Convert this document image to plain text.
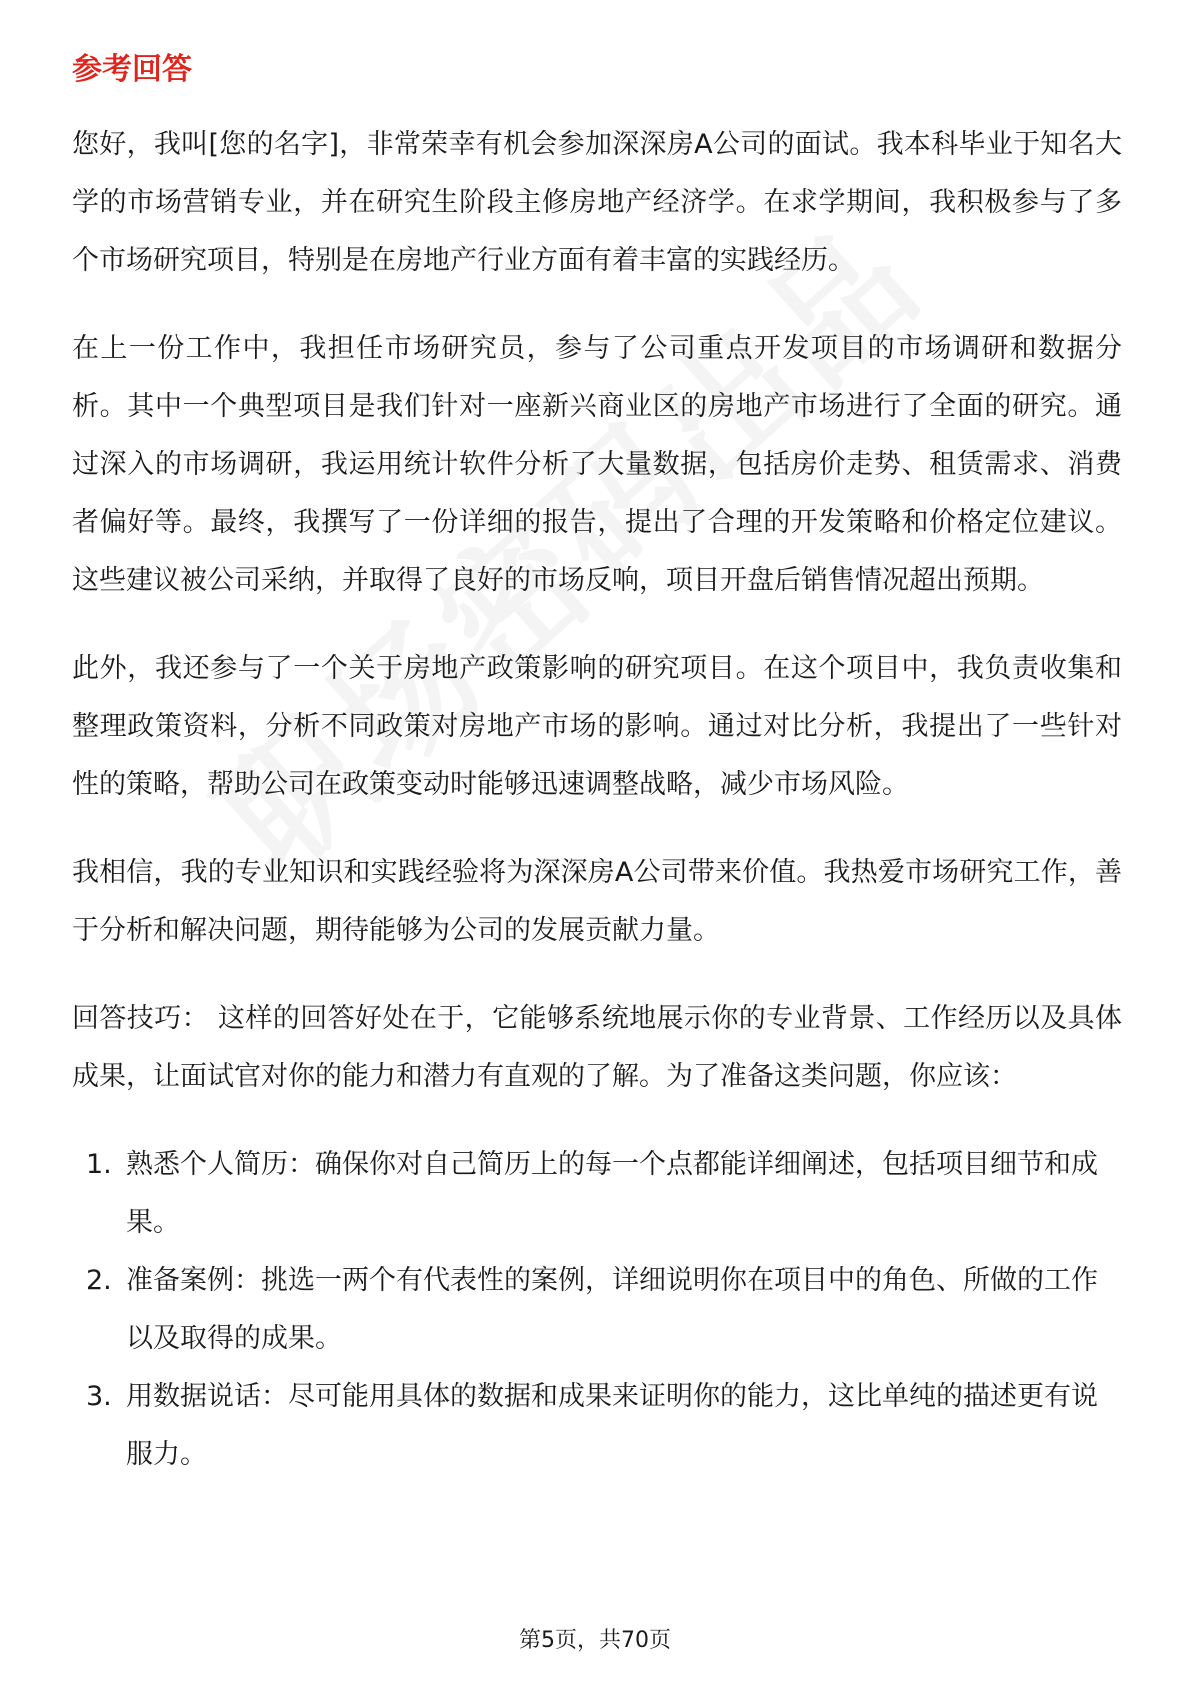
参考回答

您好，我叫[您的名字]，非常荣幸有机会参加深深房A公司的面试。我本科毕业于知名大学的市场营销专业，并在研究生阶段主修房地产经济学。在求学期间，我积极参与了多个市场研究项目，特别是在房地产行业方面有着丰富的实践经历。

在上一份工作中，我担任市场研究员，参与了公司重点开发项目的市场调研和数据分析。其中一个典型项目是我们针对一座新兴商业区的房地产市场进行了全面的研究。通过深入的市场调研，我运用统计软件分析了大量数据，包括房价走势、租赁需求、消费者偏好等。最终，我撰写了一份详细的报告，提出了合理的开发策略和价格定位建议。这些建议被公司采纳，并取得了良好的市场反响，项目开盘后销售情况超出预期。

此外，我还参与了一个关于房地产政策影响的研究项目。在这个项目中，我负责收集和整理政策资料，分析不同政策对房地产市场的影响。通过对比分析，我提出了一些针对性的策略，帮助公司在政策变动时能够迅速调整战略，减少市场风险。

我相信，我的专业知识和实践经验将为深深房A公司带来价值。我热爱市场研究工作，善于分析和解决问题，期待能够为公司的发展贡献力量。

回答技巧： 这样的回答好处在于，它能够系统地展示你的专业背景、工作经历以及具体成果，让面试官对你的能力和潜力有直观的了解。为了准备这类问题，你应该：

1. 熟悉个人简历：确保你对自己简历上的每一个点都能详细阐述，包括项目细节和成果。
2. 准备案例：挑选一两个有代表性的案例，详细说明你在项目中的角色、所做的工作以及取得的成果。
3. 用数据说话：尽可能用具体的数据和成果来证明你的能力，这比单纯的描述更有说服力。
第5页，共70页
